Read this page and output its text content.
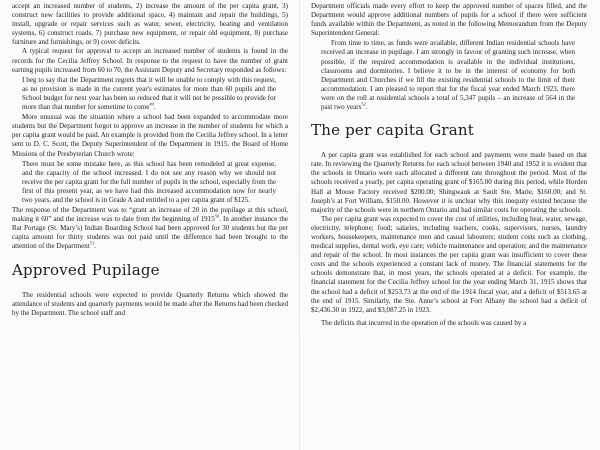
accept an increased number of students, 2) increase the amount of the per capita grant, 3) construct new facilities to provide additional space, 4) maintain and repair the buildings, 5) install, upgrade or repair services such as water, sewer, electricity, heating and ventilation systems, 6) construct roads, 7) purchase new equipment, or repair old equipment, 8) purchase furniture and furnishings, or 9) cover deficits.

A typical request for approval to accept an increased number of students is found in the records for the Cecilia Jeffrey School. In response to the request to have the number of grant earning pupils increased from 60 to 70, the Assistant Deputy and Secretary responded as follows:

I beg to say that the Department regrets that it will be unable to comply with this request, as no provision is made in the current year's estimates for more than 60 pupils and the School budget for next year has been so reduced that it will not be possible to provide for more than that number for sometime to come$^{49}$.

More unusual was the situation where a school had been expanded to accommodate more students but the Department forgot to approve an increase in the number of students for which a per capita grant would be paid. An example is provided from the Cecilia Jeffrey school. In a letter sent to D. C. Scott, the Deputy Superintendent of the Department in 1915, the Board of Home Missions of the Presbyterian Church wrote:

There must be some mistake here, as this school has been remodeled at great expense, and the capacity of the school increased. I do not see any reason why we should not receive the per capita grant for the full number of pupils in the school, especially from the first of this present year, as we have had this increased accommodation now for nearly two years, and the school is in Grade A and entitled to a per capita grant of $125.

The response of the Department was to “grant an increase of 20 in the pupilage at this school, making it 60” and the increase was to date from the beginning of 1915$^{50}$. In another instance the Rat Portage (St. Mary’s) Indian Boarding School had been approved for 30 students but the per capita amount for thirty students was not paid until the difference had been brought to the attention of the Department$^{51}$.

Approved Pupilage

The residential schools were expected to provide Quarterly Returns which showed the attendance of students and quarterly payments would be made after the Returns had been checked by the Department. The school staff and

Department officials made every effort to keep the approved number of spaces filled, and the Department would approve additional numbers of pupils for a school if there were sufficient funds available within the Department, as noted in the following Memorandum from the Deputy Superintendent General:

From time to time, as funds were available, different Indian residential schools have received an increase in pupilage. I am strongly in favour of granting such increase, when possible, if the required accommodation is available in the individual institutions, classrooms and dormitories. I believe it to be in the interest of economy for both Department and Churches if we fill the existing residential schools to the limit of their accommodation. I am pleased to report that for the fiscal year ended March 1923, there were on the roll at residential schools a total of 5,347 pupils – an increase of 564 in the past two years$^{52}$.

The per capita Grant

A per capita grant was established for each school and payments were made based on that rate. In reviewing the Quarterly Returns for each school between 1940 and 1952 it is evident that the schools in Ontario were each allocated a different rate throughout the period. Most of the schools received a yearly, per capita operating grant of $165.00 during this period, while Horden Hall at Moose Factory received $200.00; Shingwauk at Sault Ste. Marie, $160.00; and St. Joseph’s at Fort William, $150.00. However it is unclear why this inequity existed because the majority of the schools were in northern Ontario and had similar costs for operating the schools.

The per capita grant was expected to cover the cost of utilities, including heat, water, sewage, electricity, telephone; food; salaries, including teachers, cooks, supervisors, nurses, laundry workers, housekeepers, maintenance men and casual labourers; student costs such as clothing, medical supplies, dental work, eye care; vehicle maintenance and operation; and the maintenance and repair of the school. In most instances the per capita grant was insufficient to cover these costs and the schools experienced a constant lack of money. The financial statements for the schools demonstrate that, in most years, the schools operated at a deficit. For example, the financial statement for the Cecilia Jeffrey school for the year ending March 31, 1915 shows that the school had a deficit of $253.73 at the end of the 1914 fiscal year, and a deficit of $513.65 at the end of 1915. Similarly, the Ste. Anne’s school at Fort Albany the school had a deficit of $2,436.30 in 1922, and $3,087.25 in 1923.

The deficits that incurred in the operation of the schools was caused by a
